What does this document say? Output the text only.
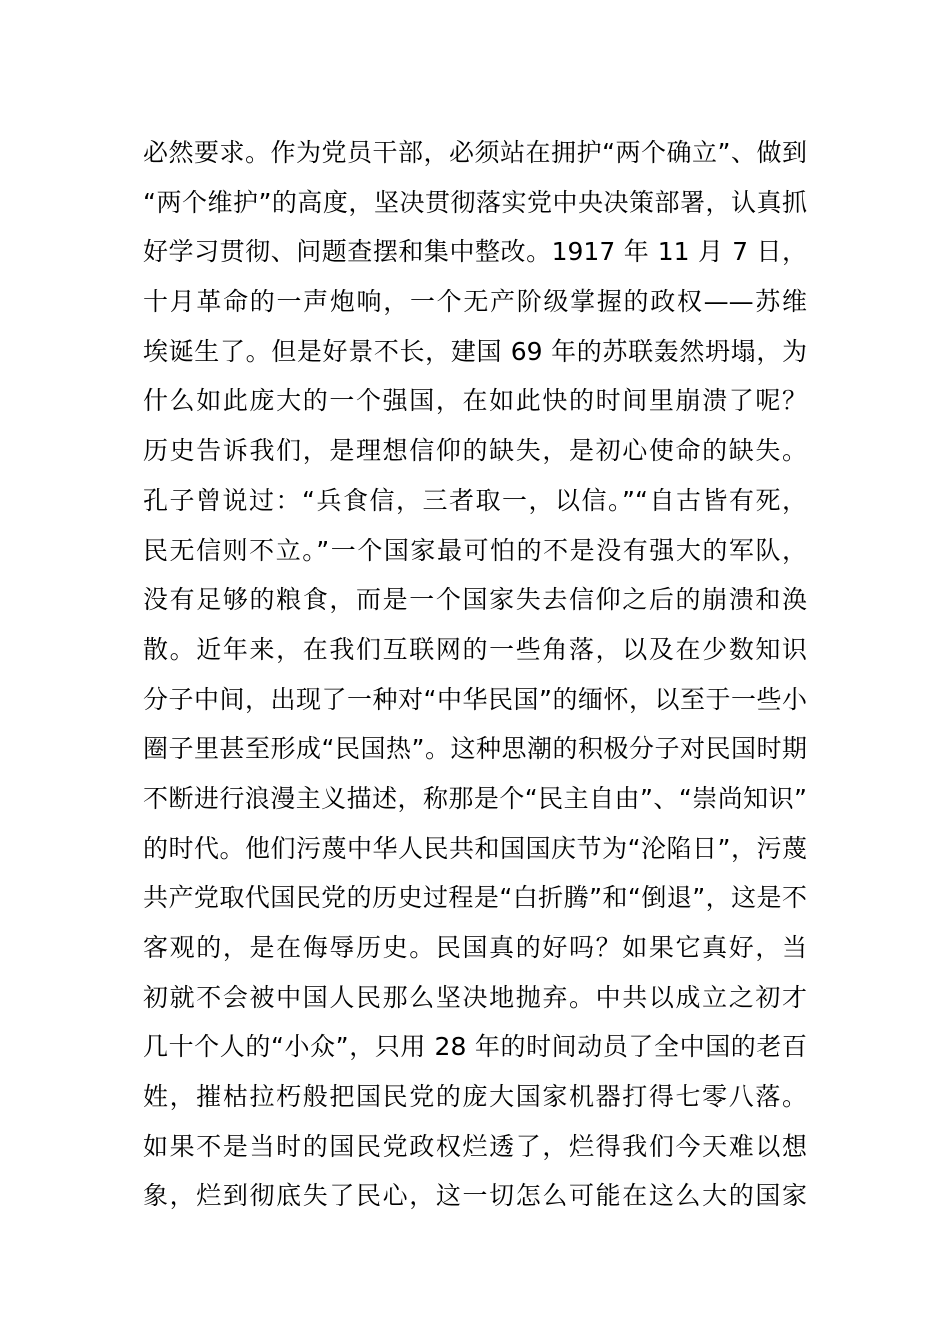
必然要求。作为党员干部，必须站在拥护“两个确立”、做到
“两个维护”的高度，坚决贯彻落实党中央决策部署，认真抓
好学习贯彻、问题查摆和集中整改。1917 年 11 月 7 日，
十月革命的一声炮响，一个无产阶级掌握的政权——苏维
埃诞生了。但是好景不长，建国 69 年的苏联轰然坍塌，为
什么如此庞大的一个强国，在如此快的时间里崩溃了呢？
历史告诉我们，是理想信仰的缺失，是初心使命的缺失。
孔子曾说过：“兵食信，三者取一，以信。”“自古皆有死，
民无信则不立。”一个国家最可怕的不是没有强大的军队，
没有足够的粮食，而是一个国家失去信仰之后的崩溃和涣
散。近年来，在我们互联网的一些角落，以及在少数知识
分子中间，出现了一种对“中华民国”的缅怀，以至于一些小
圈子里甚至形成“民国热”。这种思潮的积极分子对民国时期
不断进行浪漫主义描述，称那是个“民主自由”、“崇尚知识”
的时代。他们污蔑中华人民共和国国庆节为“沦陷日”，污蔑
共产党取代国民党的历史过程是“白折腾”和“倒退”，这是不
客观的，是在侮辱历史。民国真的好吗？如果它真好，当
初就不会被中国人民那么坚决地抛弃。中共以成立之初才
几十个人的“小众”，只用 28 年的时间动员了全中国的老百
姓，摧枯拉朽般把国民党的庞大国家机器打得七零八落。
如果不是当时的国民党政权烂透了，烂得我们今天难以想
象，烂到彻底失了民心，这一切怎么可能在这么大的国家
